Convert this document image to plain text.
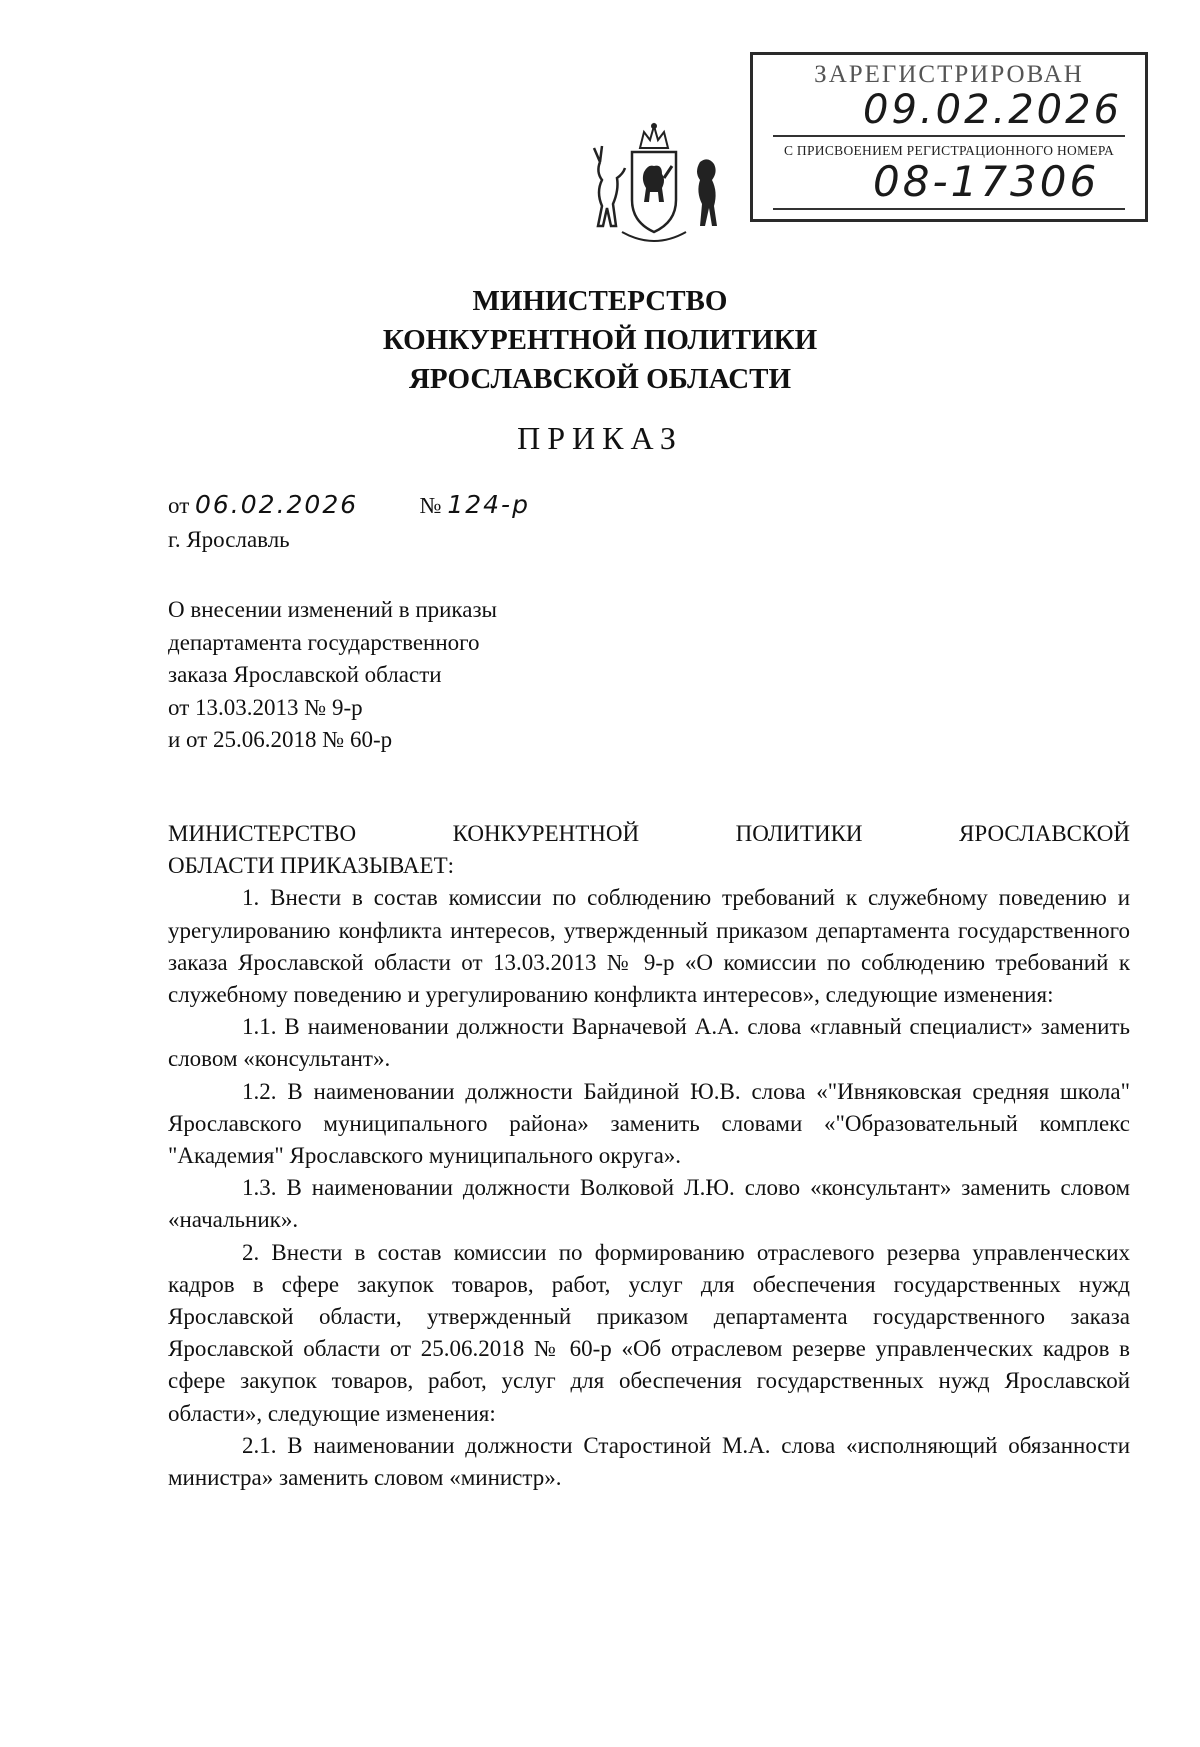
ЗАРЕГИСТРИРОВАН
09.02.2026
С ПРИСВОЕНИЕМ РЕГИСТРАЦИОННОГО НОМЕРА
08-17306
МИНИСТЕРСТВО
КОНКУРЕНТНОЙ ПОЛИТИКИ
ЯРОСЛАВСКОЙ ОБЛАСТИ
ПРИКАЗ
от 06.02.2026	№ 124-р
г. Ярославль
О внесении изменений в приказы
департамента государственного
заказа Ярославской области
от 13.03.2013 № 9-р
и от 25.06.2018 № 60-р

МИНИСТЕРСТВО КОНКУРЕНТНОЙ ПОЛИТИКИ ЯРОСЛАВСКОЙ

ОБЛАСТИ ПРИКАЗЫВАЕТ:

1. Внести в состав комиссии по соблюдению требований к служебному поведению и урегулированию конфликта интересов, утвержденный приказом департамента государственного заказа Ярославской области от 13.03.2013 № 9-р «О комиссии по соблюдению требований к служебному поведению и урегулированию конфликта интересов», следующие изменения:

1.1. В наименовании должности Варначевой А.А. слова «главный специалист» заменить словом «консультант».

1.2. В наименовании должности Байдиной Ю.В. слова «"Ивняковская средняя школа" Ярославского муниципального района» заменить словами «"Образовательный комплекс "Академия" Ярославского муниципального округа».

1.3. В наименовании должности Волковой Л.Ю. слово «консультант» заменить словом «начальник».

2. Внести в состав комиссии по формированию отраслевого резерва управленческих кадров в сфере закупок товаров, работ, услуг для обеспечения государственных нужд Ярославской области, утвержденный приказом департамента государственного заказа Ярославской области от 25.06.2018 № 60-р «Об отраслевом резерве управленческих кадров в сфере закупок товаров, работ, услуг для обеспечения государственных нужд Ярославской области», следующие изменения:

2.1. В наименовании должности Старостиной М.А. слова «исполняющий обязанности министра» заменить словом «министр».
